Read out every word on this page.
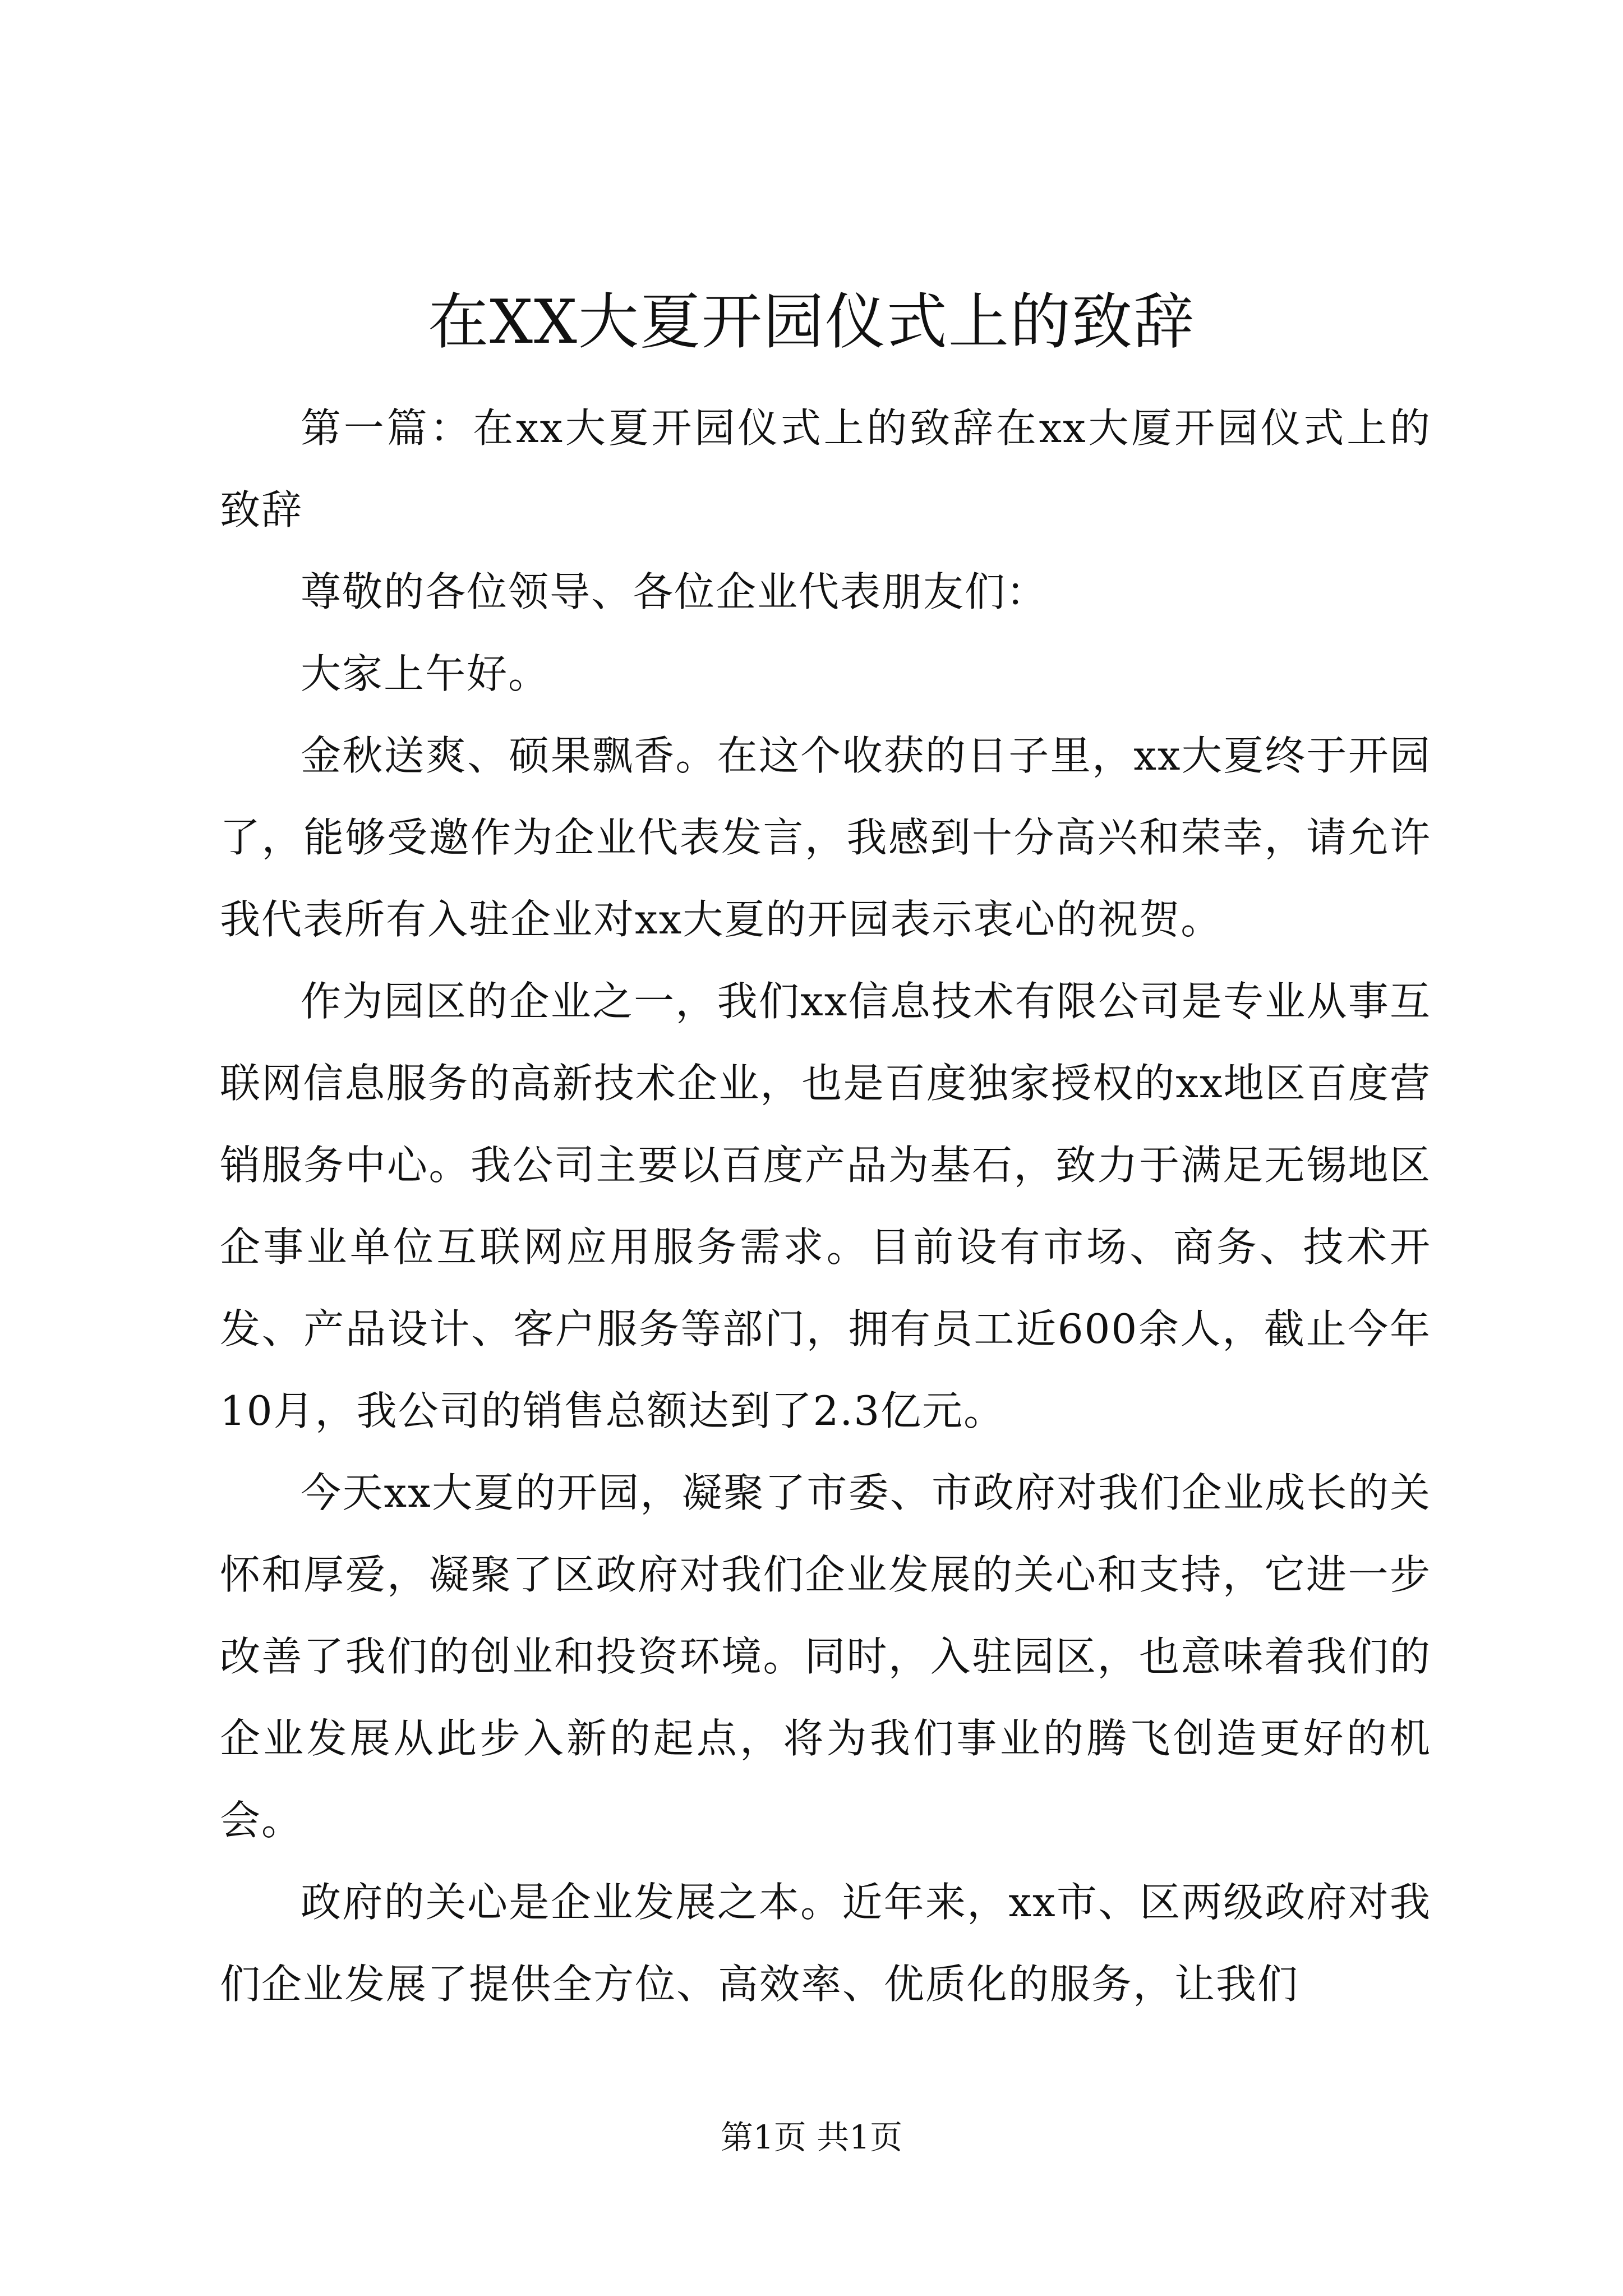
在XX大夏开园仪式上的致辞

第一篇：在xx大夏开园仪式上的致辞在xx大厦开园仪式上的致辞

尊敬的各位领导、各位企业代表朋友们：

大家上午好。

金秋送爽、硕果飘香。在这个收获的日子里，xx大夏终于开园了，能够受邀作为企业代表发言，我感到十分高兴和荣幸，请允许我代表所有入驻企业对xx大夏的开园表示衷心的祝贺。

作为园区的企业之一，我们xx信息技术有限公司是专业从事互联网信息服务的高新技术企业，也是百度独家授权的xx地区百度营销服务中心。我公司主要以百度产品为基石，致力于满足无锡地区企事业单位互联网应用服务需求。目前设有市场、商务、技术开发、产品设计、客户服务等部门，拥有员工近600余人，截止今年10月，我公司的销售总额达到了2.3亿元。

今天xx大夏的开园，凝聚了市委、市政府对我们企业成长的关怀和厚爱，凝聚了区政府对我们企业发展的关心和支持，它进一步改善了我们的创业和投资环境。同时，入驻园区，也意味着我们的企业发展从此步入新的起点，将为我们事业的腾飞创造更好的机会。

政府的关心是企业发展之本。近年来，xx市、区两级政府对我们企业发展了提供全方位、高效率、优质化的服务，让我们

第1页 共1页
